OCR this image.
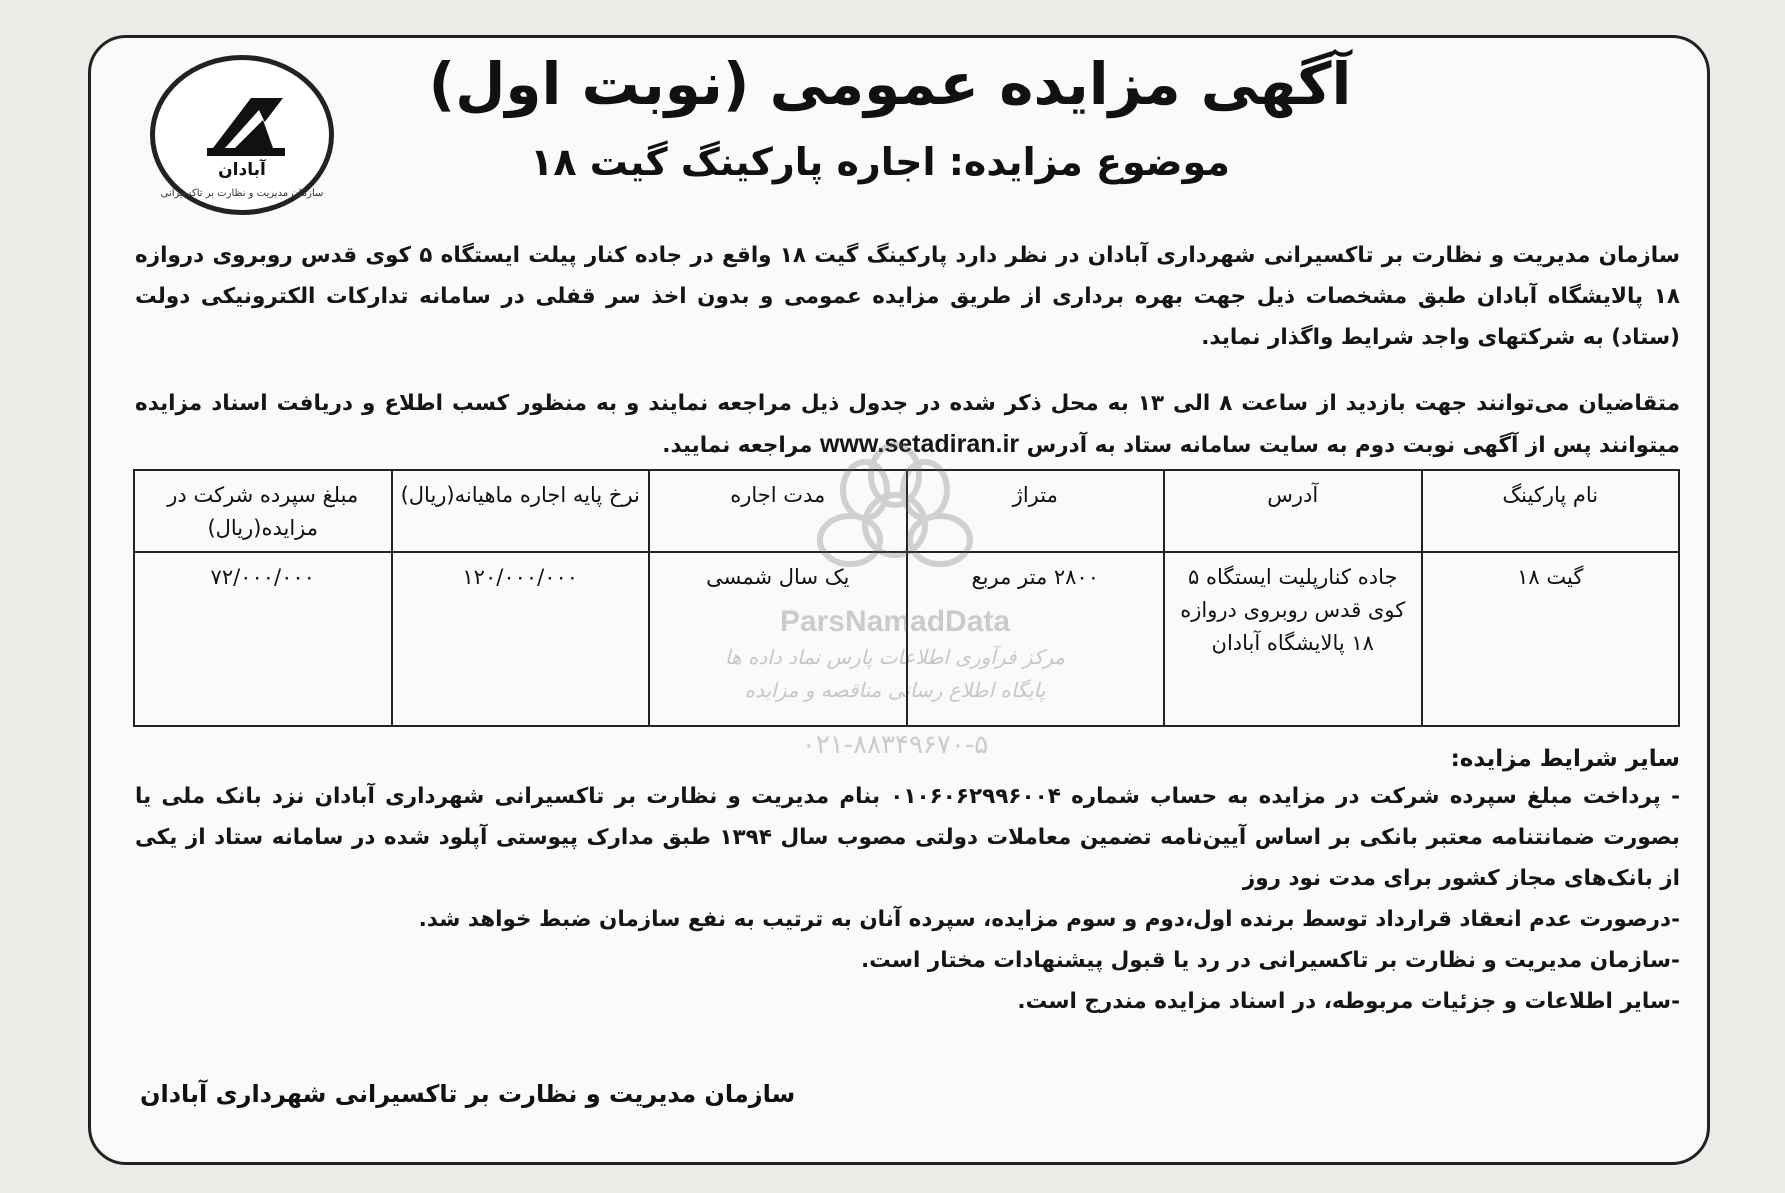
آبادان
سازمان مدیریت و نظارت بر تاکسیرانی
آگهی مزایده عمومی (نوبت اول)
موضوع مزایده: اجاره پارکینگ گیت ۱۸
سازمان مدیریت و نظارت بر تاکسیرانی شهرداری آبادان در نظر دارد پارکینگ گیت ۱۸ واقع در جاده کنار پیلت ایستگاه ۵ کوی قدس روبروی دروازه ۱۸ پالایشگاه آبادان طبق مشخصات ذیل جهت بهره برداری از طریق مزایده عمومی و بدون اخذ سر قفلی در سامانه تدارکات الکترونیکی دولت (ستاد) به شرکتهای واجد شرایط واگذار نماید.
متقاضیان می‌توانند جهت بازدید از ساعت ۸ الی ۱۳ به محل ذکر شده در جدول ذیل مراجعه نمایند و به منظور کسب اطلاع و دریافت اسناد مزایده میتوانند پس از آگهی نوبت دوم به سایت سامانه ستاد به آدرس www.setadiran.ir مراجعه نمایید.
نام پارکینگ	آدرس	متراژ	مدت اجاره	نرخ پایه اجاره ماهیانه(ریال)	مبلغ سپرده شرکت در مزایده(ریال)
گیت ۱۸	جاده کنارپلیت ایستگاه ۵ کوی قدس روبروی دروازه ۱۸ پالایشگاه آبادان	۲۸۰۰ متر مربع	یک سال شمسی	۱۲۰/۰۰۰/۰۰۰	۷۲/۰۰۰/۰۰۰
ParsNamadData
مرکز فرآوری اطلاعات پارس نماد داده ها
پایگاه اطلاع رسانی مناقصه و مزایده
۰۲۱-۸۸۳۴۹۶۷۰-۵	سایر شرایط مزایده:

- پرداخت مبلغ سپرده شرکت در مزایده به حساب شماره ۰۱۰۶۰۶۲۹۹۶۰۰۴ بنام مدیریت و نظارت بر تاکسیرانی شهرداری آبادان نزد بانک ملی یا بصورت ضمانتنامه معتبر بانکی بر اساس آیین‌نامه تضمین معاملات دولتی مصوب سال ۱۳۹۴ طبق مدارک پیوستی آپلود شده در سامانه ستاد از یکی از بانک‌های مجاز کشور برای مدت نود روز

-درصورت عدم انعقاد قرارداد توسط برنده اول،دوم و سوم مزایده، سپرده آنان به ترتیب به نفع سازمان ضبط خواهد شد.

-سازمان مدیریت و نظارت بر تاکسیرانی در رد یا قبول پیشنهادات مختار است.

-سایر اطلاعات و جزئیات مربوطه، در اسناد مزایده مندرج است.

سازمان مدیریت و نظارت بر تاکسیرانی شهرداری آبادان
